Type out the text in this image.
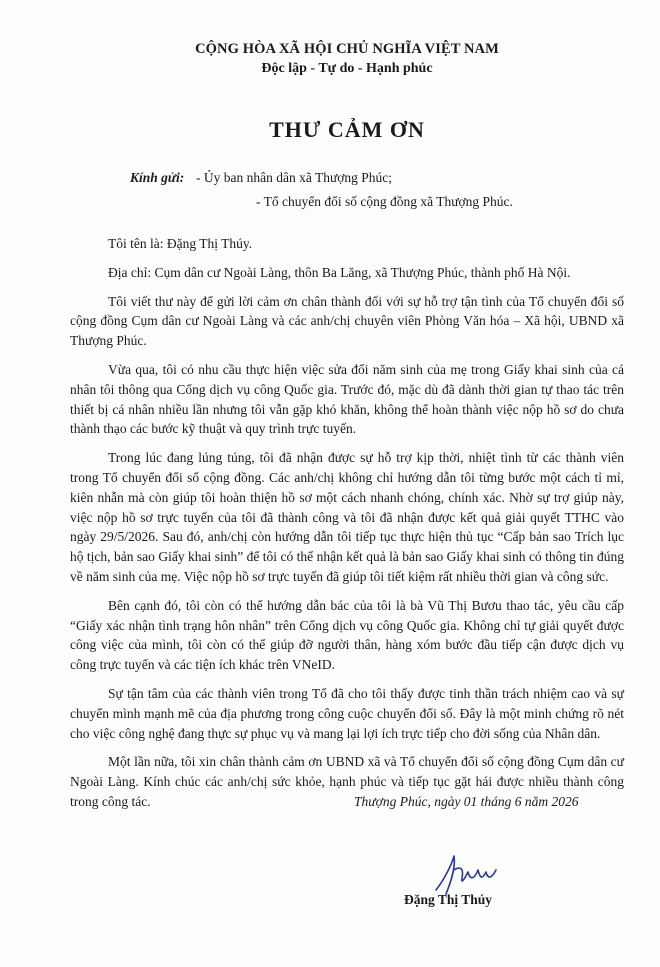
CỘNG HÒA XÃ HỘI CHỦ NGHĨA VIỆT NAM

Độc lập - Tự do - Hạnh phúc

THƯ CẢM ƠN
Kính gửi: - Ủy ban nhân dân xã Thượng Phúc;
- Tổ chuyển đổi số cộng đồng xã Thượng Phúc.

Tôi tên là: Đặng Thị Thúy.

Địa chỉ: Cụm dân cư Ngoài Làng, thôn Ba Lăng, xã Thượng Phúc, thành phố Hà Nội.

Tôi viết thư này để gửi lời cảm ơn chân thành đối với sự hỗ trợ tận tình của Tổ chuyển đổi số cộng đồng Cụm dân cư Ngoài Làng và các anh/chị chuyên viên Phòng Văn hóa – Xã hội, UBND xã Thượng Phúc.

Vừa qua, tôi có nhu cầu thực hiện việc sửa đổi năm sinh của mẹ trong Giấy khai sinh của cá nhân tôi thông qua Cổng dịch vụ công Quốc gia. Trước đó, mặc dù đã dành thời gian tự thao tác trên thiết bị cá nhân nhiều lần nhưng tôi vẫn gặp khó khăn, không thể hoàn thành việc nộp hồ sơ do chưa thành thạo các bước kỹ thuật và quy trình trực tuyến.

Trong lúc đang lúng túng, tôi đã nhận được sự hỗ trợ kịp thời, nhiệt tình từ các thành viên trong Tổ chuyển đổi số cộng đồng. Các anh/chị không chỉ hướng dẫn tôi từng bước một cách tỉ mỉ, kiên nhẫn mà còn giúp tôi hoàn thiện hồ sơ một cách nhanh chóng, chính xác. Nhờ sự trợ giúp này, việc nộp hồ sơ trực tuyến của tôi đã thành công và tôi đã nhận được kết quả giải quyết TTHC vào ngày 29/5/2026. Sau đó, anh/chị còn hướng dẫn tôi tiếp tục thực hiện thủ tục “Cấp bản sao Trích lục hộ tịch, bản sao Giấy khai sinh” để tôi có thể nhận kết quả là bản sao Giấy khai sinh có thông tin đúng về năm sinh của mẹ. Việc nộp hồ sơ trực tuyến đã giúp tôi tiết kiệm rất nhiều thời gian và công sức.

Bên cạnh đó, tôi còn có thể hướng dẫn bác của tôi là bà Vũ Thị Bươu thao tác, yêu cầu cấp “Giấy xác nhận tình trạng hôn nhân” trên Cổng dịch vụ công Quốc gia. Không chỉ tự giải quyết được công việc của mình, tôi còn có thể giúp đỡ người thân, hàng xóm bước đầu tiếp cận được dịch vụ công trực tuyến và các tiện ích khác trên VNeID.

Sự tận tâm của các thành viên trong Tổ đã cho tôi thấy được tinh thần trách nhiệm cao và sự chuyển mình mạnh mẽ của địa phương trong công cuộc chuyển đổi số. Đây là một minh chứng rõ nét cho việc công nghệ đang thực sự phục vụ và mang lại lợi ích trực tiếp cho đời sống của Nhân dân.

Một lần nữa, tôi xin chân thành cảm ơn UBND xã và Tổ chuyển đổi số cộng đồng Cụm dân cư Ngoài Làng. Kính chúc các anh/chị sức khỏe, hạnh phúc và tiếp tục gặt hái được nhiều thành công trong công tác.	Thượng Phúc, ngày 01 tháng 6 năm 2026
Đặng Thị Thúy
